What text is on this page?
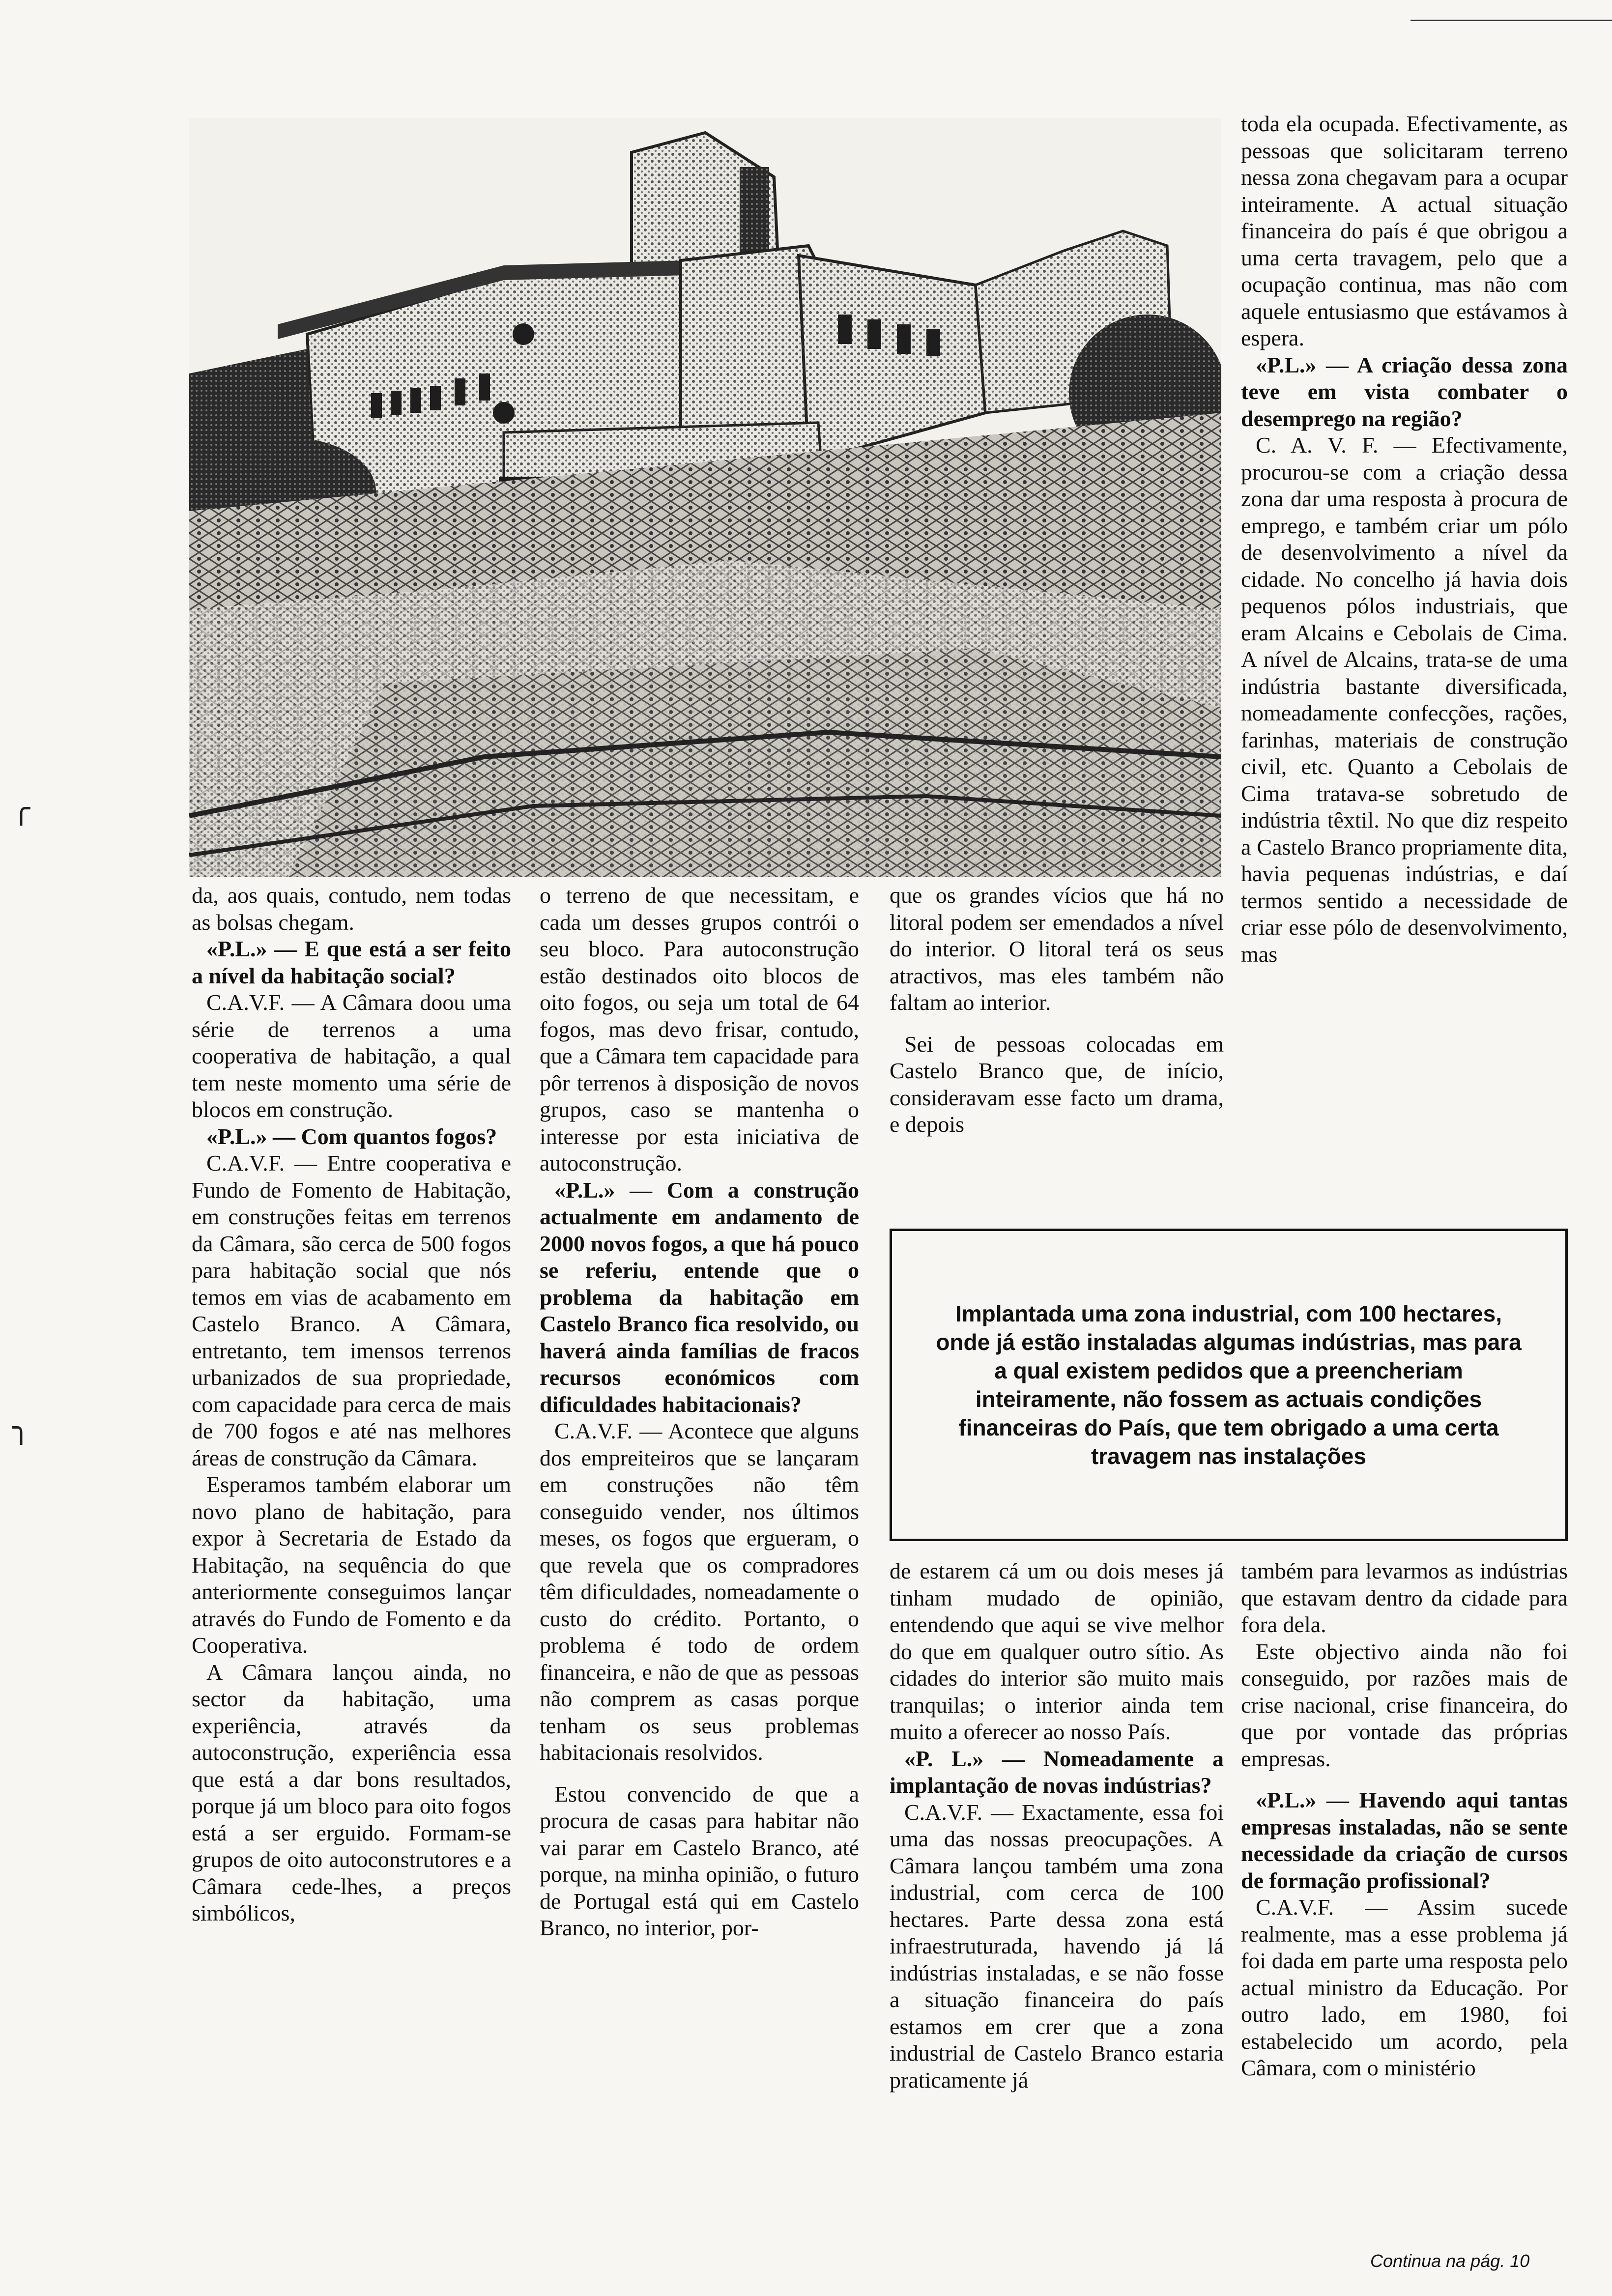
da, aos quais, contudo, nem todas as bolsas chegam.

«P.L.» — E que está a ser feito a nível da habitação social?

C.A.V.F. — A Câmara doou uma série de terrenos a uma cooperativa de habitação, a qual tem neste momento uma série de blocos em construção.

«P.L.» — Com quantos fogos?

C.A.V.F. — Entre cooperativa e Fundo de Fomento de Habitação, em construções feitas em terrenos da Câmara, são cerca de 500 fogos para habitação social que nós temos em vias de acabamento em Castelo Branco. A Câmara, entretanto, tem imensos terrenos urbanizados de sua propriedade, com capacidade para cerca de mais de 700 fogos e até nas melhores áreas de construção da Câmara.

Esperamos também elaborar um novo plano de habitação, para expor à Secretaria de Estado da Habitação, na sequência do que anteriormente conseguimos lançar através do Fundo de Fomento e da Cooperativa.

A Câmara lançou ainda, no sector da habitação, uma experiência, através da autoconstrução, experiência essa que está a dar bons resultados, porque já um bloco para oito fogos está a ser erguido. Formam-se grupos de oito autoconstrutores e a Câmara cede-lhes, a preços simbólicos,

o terreno de que necessitam, e cada um desses grupos contrói o seu bloco. Para autoconstrução estão destinados oito blocos de oito fogos, ou seja um total de 64 fogos, mas devo frisar, contudo, que a Câmara tem capacidade para pôr terrenos à disposição de novos grupos, caso se mantenha o interesse por esta iniciativa de autoconstrução.

«P.L.» — Com a construção actualmente em andamento de 2000 novos fogos, a que há pouco se referiu, entende que o problema da habitação em Castelo Branco fica resolvido, ou haverá ainda famílias de fracos recursos económicos com dificuldades habitacionais?

C.A.V.F. — Acontece que alguns dos empreiteiros que se lançaram em construções não têm conseguido vender, nos últimos meses, os fogos que ergueram, o que revela que os compradores têm dificuldades, nomeadamente o custo do crédito. Portanto, o problema é todo de ordem financeira, e não de que as pessoas não comprem as casas porque tenham os seus problemas habitacionais resolvidos.

Estou convencido de que a procura de casas para habitar não vai parar em Castelo Branco, até porque, na minha opinião, o futuro de Portugal está qui em Castelo Branco, no interior, por-

que os grandes vícios que há no litoral podem ser emendados a nível do interior. O litoral terá os seus atractivos, mas eles também não faltam ao interior.

Sei de pessoas colocadas em Castelo Branco que, de início, consideravam esse facto um drama, e depois

de estarem cá um ou dois meses já tinham mudado de opinião, entendendo que aqui se vive melhor do que em qualquer outro sítio. As cidades do interior são muito mais tranquilas; o interior ainda tem muito a oferecer ao nosso País.

«P. L.» — Nomeadamente a implantação de novas indústrias?

C.A.V.F. — Exactamente, essa foi uma das nossas preocupações. A Câmara lançou também uma zona industrial, com cerca de 100 hectares. Parte dessa zona está infraestruturada, havendo já lá indústrias instaladas, e se não fosse a situação financeira do país estamos em crer que a zona industrial de Castelo Branco estaria praticamente já

toda ela ocupada. Efectivamente, as pessoas que solicitaram terreno nessa zona chegavam para a ocupar inteiramente. A actual situação financeira do país é que obrigou a uma certa travagem, pelo que a ocupação continua, mas não com aquele entusiasmo que estávamos à espera.

«P.L.» — A criação dessa zona teve em vista combater o desemprego na região?

C. A. V. F. — Efectivamente, procurou-se com a criação dessa zona dar uma resposta à procura de emprego, e também criar um pólo de desenvolvimento a nível da cidade. No concelho já havia dois pequenos pólos industriais, que eram Alcains e Cebolais de Cima. A nível de Alcains, trata-se de uma indústria bastante diversificada, nomeadamente confecções, rações, farinhas, materiais de construção civil, etc. Quanto a Cebolais de Cima tratava-se sobretudo de indústria têxtil. No que diz respeito a Castelo Branco propriamente dita, havia pequenas indústrias, e daí termos sentido a necessidade de criar esse pólo de desenvolvimento, mas

também para levarmos as indústrias que estavam dentro da cidade para fora dela.

Este objectivo ainda não foi conseguido, por razões mais de crise nacional, crise financeira, do que por vontade das próprias empresas.

«P.L.» — Havendo aqui tantas empresas instaladas, não se sente necessidade da criação de cursos de formação profissional?

C.A.V.F. — Assim sucede realmente, mas a esse problema já foi dada em parte uma resposta pelo actual ministro da Educação. Por outro lado, em 1980, foi estabelecido um acordo, pela Câmara, com o ministério

Implantada uma zona industrial, com 100 hectares, onde já estão instaladas algumas indústrias, mas para a qual existem pedidos que a preencheriam inteiramente, não fossem as actuais condições financeiras do País, que tem obrigado a uma certa travagem nas instalações
╭
╮
Continua na pág. 10
